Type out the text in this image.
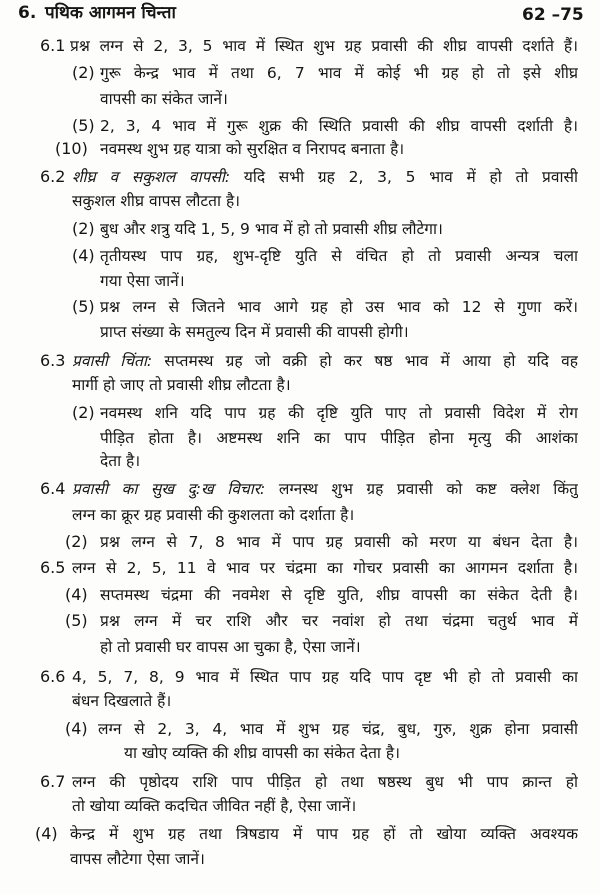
6. पथिक आगमन चिन्ता	62 –75
6.1 प्रश्न लग्न से 2, 3, 5 भाव में स्थित शुभ ग्रह प्रवासी की शीघ्र वापसी दर्शाते हैं।
(2) गुरू केन्द्र भाव में तथा 6, 7 भाव में कोई भी ग्रह हो तो इसे शीघ्र
वापसी का संकेत जानें।
(5) 2, 3, 4 भाव में गुरू शुक्र की स्थिति प्रवासी की शीघ्र वापसी दर्शाती है।
(10) नवमस्थ शुभ ग्रह यात्रा को सुरक्षित व निरापद बनाता है।
6.2 शीघ्र व सकुशल वापसी: यदि सभी ग्रह 2, 3, 5 भाव में हो तो प्रवासी
सकुशल शीघ्र वापस लौटता है।
(2) बुध और शत्रु यदि 1, 5, 9 भाव में हो तो प्रवासी शीघ्र लौटेगा।
(4) तृतीयस्थ पाप ग्रह, शुभ-दृष्टि युति से वंचित हो तो प्रवासी अन्यत्र चला
गया ऐसा जानें।
(5) प्रश्न लग्न से जितने भाव आगे ग्रह हो उस भाव को 12 से गुणा करें।
प्राप्त संख्या के समतुल्य दिन में प्रवासी की वापसी होगी।
6.3 प्रवासी चिंता: सप्तमस्थ ग्रह जो वक्री हो कर षष्ठ भाव में आया हो यदि वह
मार्गी हो जाए तो प्रवासी शीघ्र लौटता है।
(2) नवमस्थ शनि यदि पाप ग्रह की दृष्टि युति पाए तो प्रवासी विदेश में रोग
पीड़ित होता है। अष्टमस्थ शनि का पाप पीड़ित होना मृत्यु की आशंका
देता है।
6.4 प्रवासी का सुख दु:ख विचार: लग्नस्थ शुभ ग्रह प्रवासी को कष्ट क्लेश किंतु
लग्न का क्रूर ग्रह प्रवासी की कुशलता को दर्शाता है।
(2) प्रश्न लग्न से 7, 8 भाव में पाप ग्रह प्रवासी को मरण या बंधन देता है।
6.5 लग्न से 2, 5, 11 वे भाव पर चंद्रमा का गोचर प्रवासी का आगमन दर्शाता है।
(4) सप्तमस्थ चंद्रमा की नवमेश से दृष्टि युति, शीघ्र वापसी का संकेत देती है।
(5) प्रश्न लग्न में चर राशि और चर नवांश हो तथा चंद्रमा चतुर्थ भाव में
हो तो प्रवासी घर वापस आ चुका है, ऐसा जानें।
6.6 4, 5, 7, 8, 9 भाव में स्थित पाप ग्रह यदि पाप दृष्ट भी हो तो प्रवासी का
बंधन दिखलाते हैं।
(4) लग्न से 2, 3, 4, भाव में शुभ ग्रह चंद्र, बुध, गुरु, शुक्र होना प्रवासी
या खोए व्यक्ति की शीघ्र वापसी का संकेत देता है।
6.7 लग्न की पृष्ठोदय राशि पाप पीड़ित हो तथा षष्ठस्थ बुध भी पाप क्रान्त हो
तो खोया व्यक्ति कदचित जीवित नहीं है, ऐसा जानें।
(4) केन्द्र में शुभ ग्रह तथा त्रिषडाय में पाप ग्रह हों तो खोया व्यक्ति अवश्यक
वापस लौटेगा ऐसा जानें।
